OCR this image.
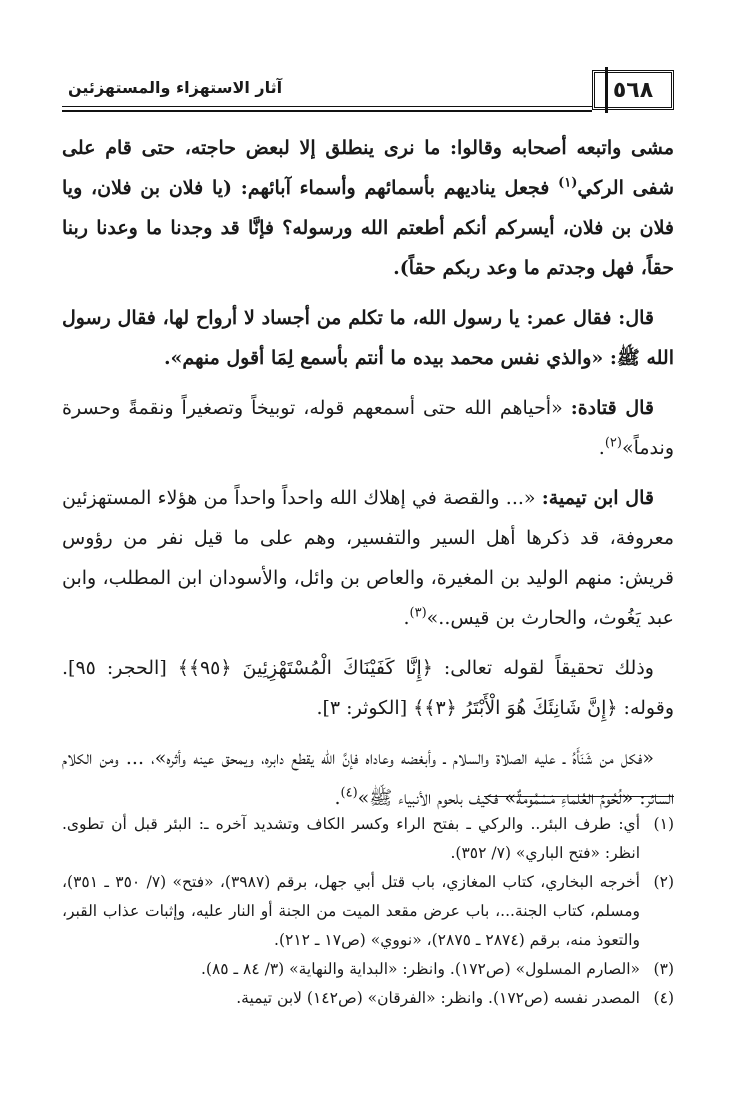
٥٦٨
آثار الاستهزاء والمستهزئين

مشى واتبعه أصحابه وقالوا: ما نرى ينطلق إلا لبعض حاجته، حتى قام على شفى الركي$^{(١)}$ فجعل يناديهم بأسمائهم وأسماء آبائهم: (يا فلان بن فلان، ويا فلان بن فلان، أيسركم أنكم أطعتم الله ورسوله؟ فإنَّا قد وجدنا ما وعدنا ربنا حقاً، فهل وجدتم ما وعد ربكم حقاً).

قال: فقال عمر: يا رسول الله، ما تكلم من أجساد لا أرواح لها، فقال رسول الله ﷺ: «والذي نفس محمد بيده ما أنتم بأسمع لِمَا أقول منهم».

قال قتادة: «أحياهم الله حتى أسمعهم قوله، توبيخاً وتصغيراً ونقمةً وحسرة وندماً»$^{(٢)}$.

قال ابن تيمية: «... والقصة في إهلاك الله واحداً واحداً من هؤلاء المستهزئين معروفة، قد ذكرها أهل السير والتفسير، وهم على ما قيل نفر من رؤوس قريش: منهم الوليد بن المغيرة، والعاص بن وائل، والأسودان ابن المطلب، وابن عبد يَغُوث، والحارث بن قيس..»$^{(٣)}$.

وذلك تحقيقاً لقوله تعالى: ﴿إِنَّا كَفَيْنَاكَ الْمُسْتَهْزِئِينَ ﴿٩٥﴾﴾ [الحجر: ٩٥]. وقوله: ﴿إِنَّ شَانِئَكَ هُوَ الْأَبْتَرُ ﴿٣﴾﴾ [الكوثر: ٣].

«فكل من شَنَأَهُ ـ عليه الصلاة والسلام ـ وأبغضه وعاداه فإنَّ الله يقطع دابره، ويمحق عينه وأثره»، ... ومن الكلام السائر: «لُحُومُ العُلماءِ مَسْمُومةٌ» فكيف بلحوم الأنبياء ﷺ»$^{(٤)}$.

(١)
أي: طرف البئر.. والركي ـ بفتح الراء وكسر الكاف وتشديد آخره ـ: البئر قبل أن تطوى. انظر: «فتح الباري» (٧/ ٣٥٢).
(٢)
أخرجه البخاري، كتاب المغازي، باب قتل أبي جهل، برقم (٣٩٨٧)، «فتح» (٧/ ٣٥٠ ـ ٣٥١)، ومسلم، كتاب الجنة...، باب عرض مقعد الميت من الجنة أو النار عليه، وإثبات عذاب القبر، والتعوذ منه، برقم (٢٨٧٤ ـ ٢٨٧٥)، «نووي» (ص١٧ ـ ٢١٢).
(٣)
«الصارم المسلول» (ص١٧٢). وانظر: «البداية والنهاية» (٣/ ٨٤ ـ ٨٥).
(٤)
المصدر نفسه (ص١٧٢). وانظر: «الفرقان» (ص١٤٢) لابن تيمية.
